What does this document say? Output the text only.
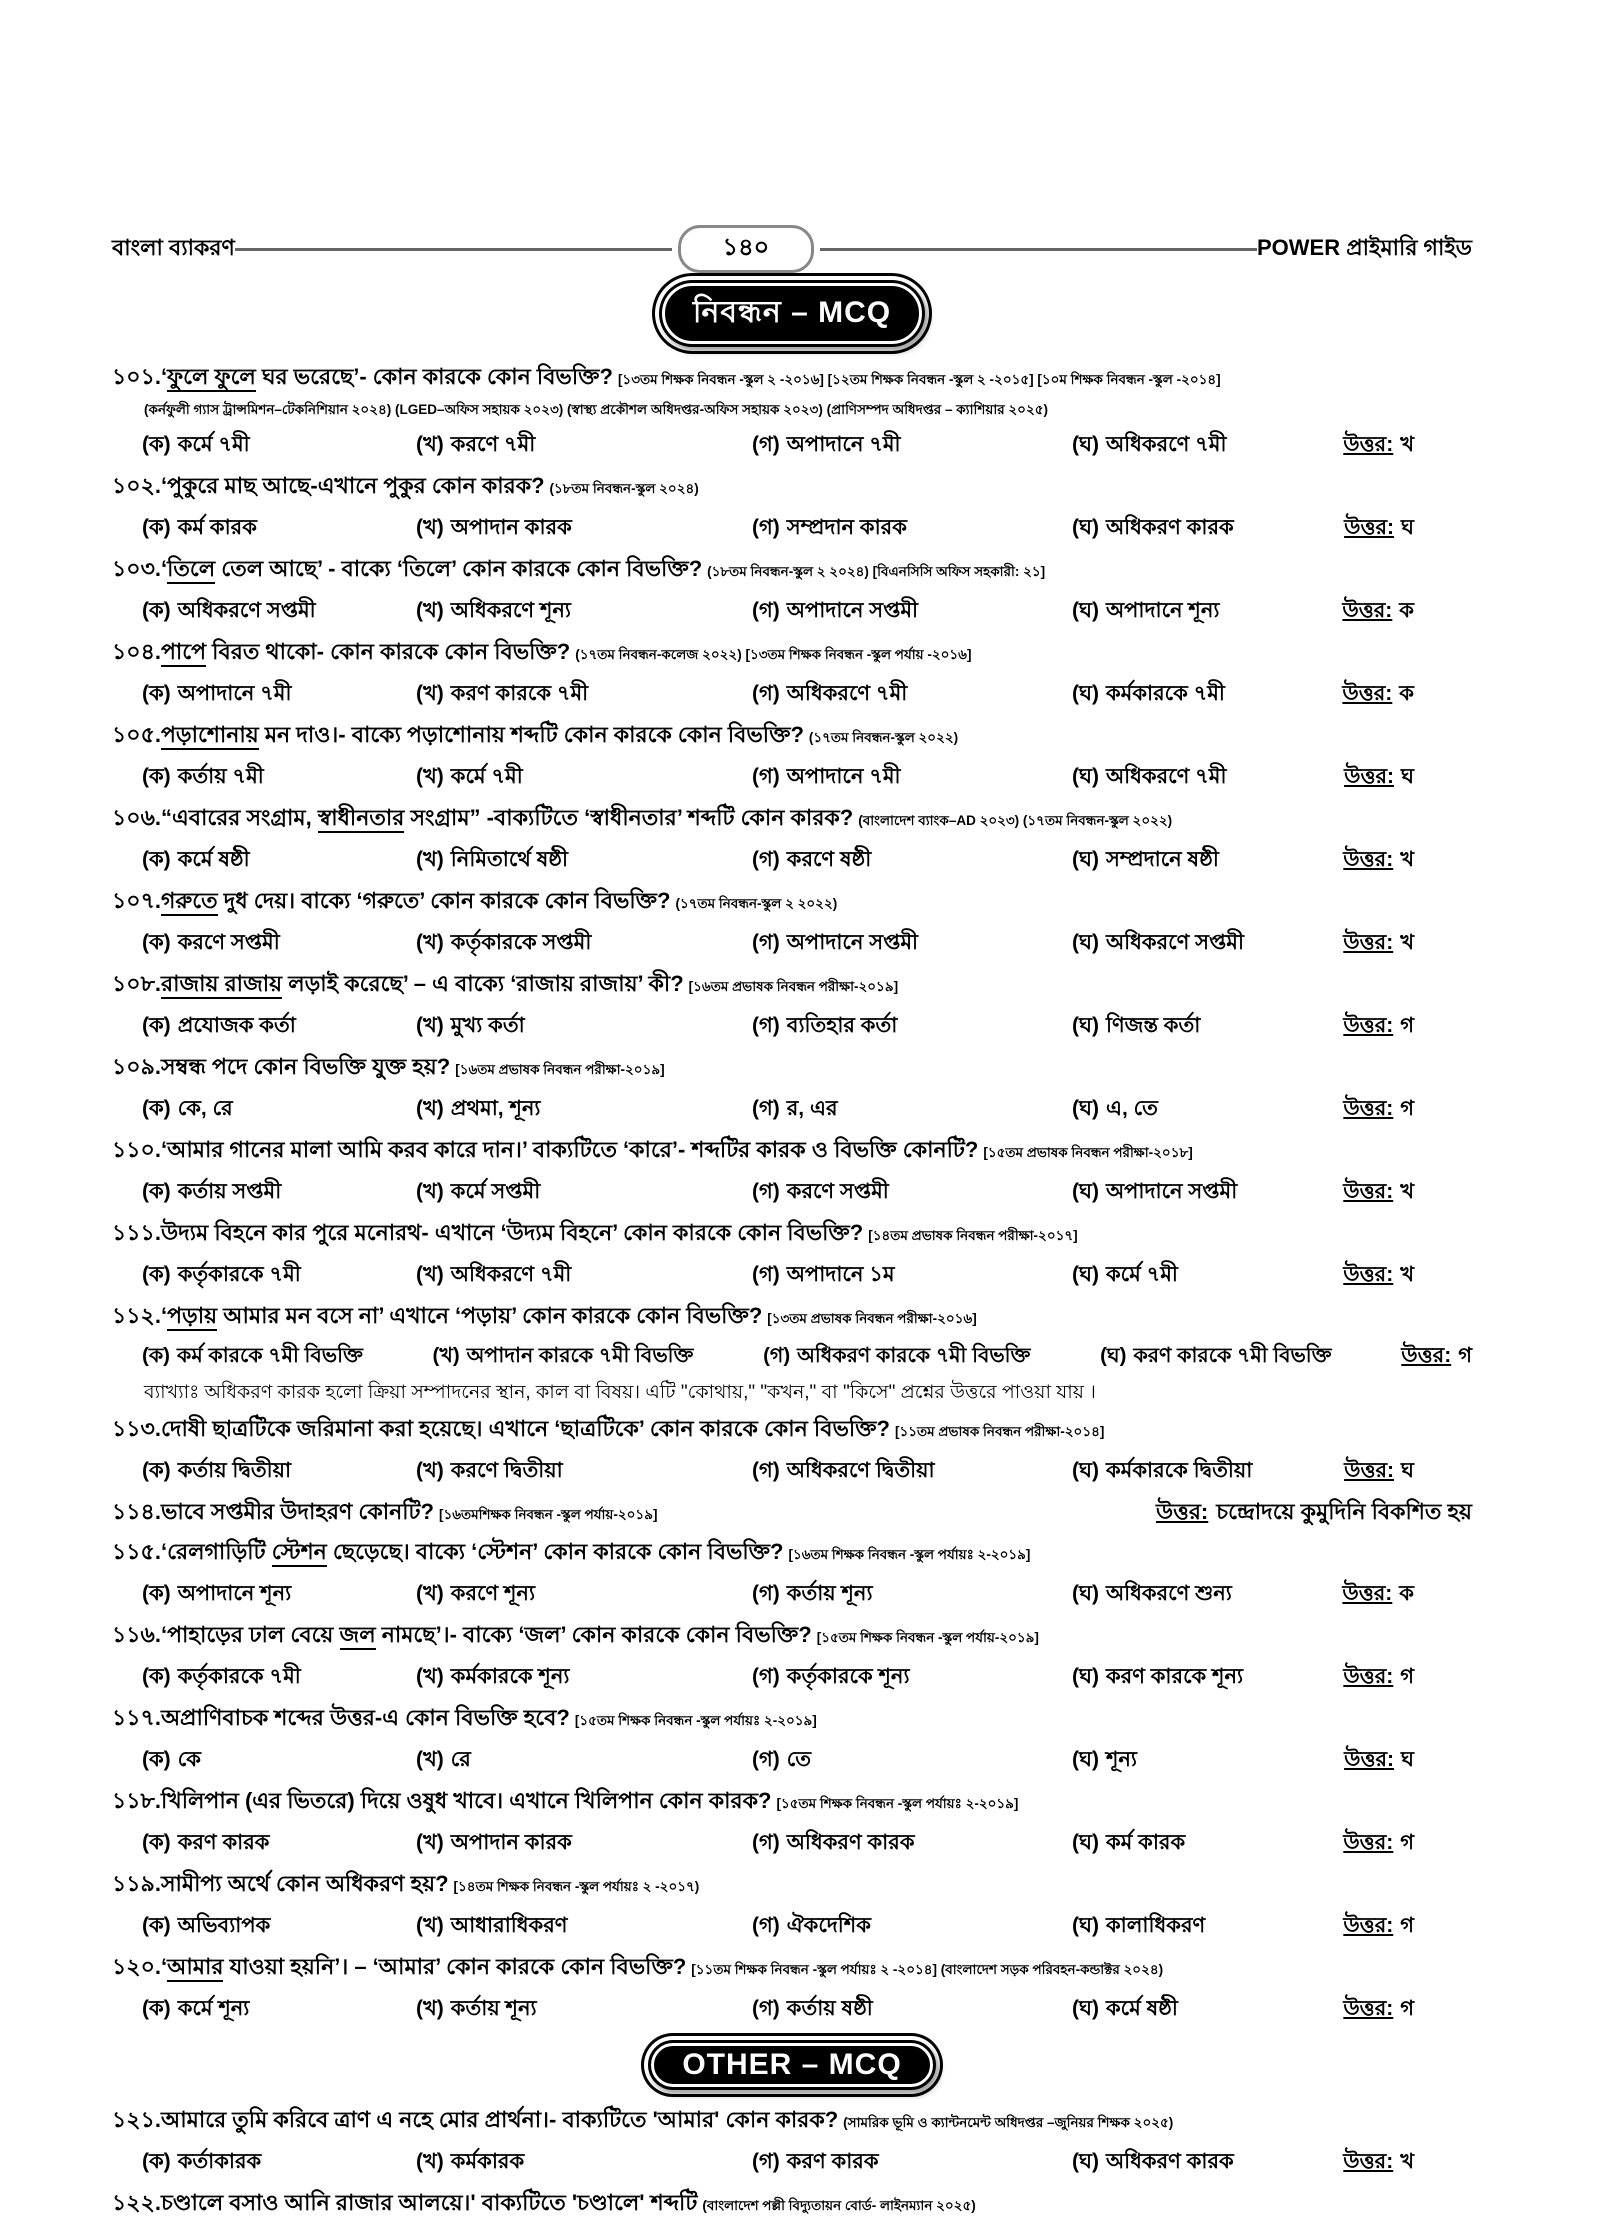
বাংলা ব্যাকরণ	১৪০	POWER প্রাইমারি গাইড
নিবন্ধন – MCQ
১০১. ‘ফুলে ফুলে ঘর ভরেছে’- কোন কারকে কোন বিভক্তি? [১৩তম শিক্ষক নিবন্ধন -স্কুল ২ -২০১৬] [১২তম শিক্ষক নিবন্ধন -স্কুল ২ -২০১৫] [১০ম শিক্ষক নিবন্ধন -স্কুল -২০১৪]
(কর্নফুলী গ্যাস ট্রান্সমিশন–টেকনিশিয়ান ২০২৪) (LGED–অফিস সহায়ক ২০২৩) (স্বাস্থ্য প্রকৌশল অধিদপ্তর-অফিস সহায়ক ২০২৩) (প্রাণিসম্পদ অধিদপ্তর – ক্যাশিয়ার ২০২৫)
(ক) কর্মে ৭মী	(খ) করণে ৭মী	(গ) অপাদানে ৭মী	(ঘ) অধিকরণে ৭মী	উত্তর: খ
১০২. ‘পুকুরে মাছ আছে-এখানে পুকুর কোন কারক? (১৮তম নিবন্ধন-স্কুল ২০২৪)
(ক) কর্ম কারক	(খ) অপাদান কারক	(গ) সম্প্রদান কারক	(ঘ) অধিকরণ কারক	উত্তর: ঘ
১০৩. ‘তিলে তেল আছে’ - বাক্যে ‘তিলে’ কোন কারকে কোন বিভক্তি? (১৮তম নিবন্ধন-স্কুল ২ ২০২৪) [বিএনসিসি অফিস সহকারী: ২১]
(ক) অধিকরণে সপ্তমী	(খ) অধিকরণে শূন্য	(গ) অপাদানে সপ্তমী	(ঘ) অপাদানে শূন্য	উত্তর: ক
১০৪. পাপে বিরত থাকো- কোন কারকে কোন বিভক্তি? (১৭তম নিবন্ধন-কলেজ ২০২২) [১৩তম শিক্ষক নিবন্ধন -স্কুল পর্যায় -২০১৬]
(ক) অপাদানে ৭মী	(খ) করণ কারকে ৭মী	(গ) অধিকরণে ৭মী	(ঘ) কর্মকারকে ৭মী	উত্তর: ক
১০৫. পড়াশোনায় মন দাও।- বাক্যে পড়াশোনায় শব্দটি কোন কারকে কোন বিভক্তি? (১৭তম নিবন্ধন-স্কুল ২০২২)
(ক) কর্তায় ৭মী	(খ) কর্মে ৭মী	(গ) অপাদানে ৭মী	(ঘ) অধিকরণে ৭মী	উত্তর: ঘ
১০৬. “এবারের সংগ্রাম, স্বাধীনতার সংগ্রাম” -বাক্যটিতে ‘স্বাধীনতার’ শব্দটি কোন কারক? (বাংলাদেশ ব্যাংক–AD ২০২৩) (১৭তম নিবন্ধন-স্কুল ২০২২)
(ক) কর্মে ষষ্ঠী	(খ) নিমিতার্থে ষষ্ঠী	(গ) করণে ষষ্ঠী	(ঘ) সম্প্রদানে ষষ্ঠী	উত্তর: খ
১০৭. গরুতে দুধ দেয়। বাক্যে ‘গরুতে’ কোন কারকে কোন বিভক্তি? (১৭তম নিবন্ধন-স্কুল ২ ২০২২)
(ক) করণে সপ্তমী	(খ) কর্তৃকারকে সপ্তমী	(গ) অপাদানে সপ্তমী	(ঘ) অধিকরণে সপ্তমী	উত্তর: খ
১০৮. রাজায় রাজায় লড়াই করেছে’ – এ বাক্যে ‘রাজায় রাজায়’ কী? [১৬তম প্রভাষক নিবন্ধন পরীক্ষা-২০১৯]
(ক) প্রযোজক কর্তা	(খ) মুখ্য কর্তা	(গ) ব্যতিহার কর্তা	(ঘ) ণিজন্ত কর্তা	উত্তর: গ
১০৯. সম্বন্ধ পদে কোন বিভক্তি যুক্ত হয়? [১৬তম প্রভাষক নিবন্ধন পরীক্ষা-২০১৯]
(ক) কে, রে	(খ) প্রথমা, শূন্য	(গ) র, এর	(ঘ) এ, তে	উত্তর: গ
১১০. ‘আমার গানের মালা আমি করব কারে দান।’ বাক্যটিতে ‘কারে’- শব্দটির কারক ও বিভক্তি কোনটি? [১৫তম প্রভাষক নিবন্ধন পরীক্ষা-২০১৮]
(ক) কর্তায় সপ্তমী	(খ) কর্মে সপ্তমী	(গ) করণে সপ্তমী	(ঘ) অপাদানে সপ্তমী	উত্তর: খ
১১১. উদ্যম বিহনে কার পুরে মনোরথ- এখানে ‘উদ্যম বিহনে’ কোন কারকে কোন বিভক্তি? [১৪তম প্রভাষক নিবন্ধন পরীক্ষা-২০১৭]
(ক) কর্তৃকারকে ৭মী	(খ) অধিকরণে ৭মী	(গ) অপাদানে ১ম	(ঘ) কর্মে ৭মী	উত্তর: খ
১১২. ‘পড়ায় আমার মন বসে না’ এখানে ‘পড়ায়’ কোন কারকে কোন বিভক্তি? [১৩তম প্রভাষক নিবন্ধন পরীক্ষা-২০১৬]
(ক) কর্ম কারকে ৭মী বিভক্তি	(খ) অপাদান কারকে ৭মী বিভক্তি	(গ) অধিকরণ কারকে ৭মী বিভক্তি	(ঘ) করণ কারকে ৭মী বিভক্তি	উত্তর: গ
ব্যাখ্যাঃ অধিকরণ কারক হলো ক্রিয়া সম্পাদনের স্থান, কাল বা বিষয়। এটি "কোথায়," "কখন," বা "কিসে" প্রশ্নের উত্তরে পাওয়া যায় ।
১১৩. দোষী ছাত্রটিকে জরিমানা করা হয়েছে। এখানে ‘ছাত্রটিকে’ কোন কারকে কোন বিভক্তি? [১১তম প্রভাষক নিবন্ধন পরীক্ষা-২০১৪]
(ক) কর্তায় দ্বিতীয়া	(খ) করণে দ্বিতীয়া	(গ) অধিকরণে দ্বিতীয়া	(ঘ) কর্মকারকে দ্বিতীয়া	উত্তর: ঘ
১১৪. ভাবে সপ্তমীর উদাহরণ কোনটি? [১৬তমশিক্ষক নিবন্ধন -স্কুল পর্যায়-২০১৯]	উত্তর: চন্দ্রোদয়ে কুমুদিনি বিকশিত হয়
১১৫. ‘রেলগাড়িটি স্টেশন ছেড়েছে। বাক্যে ‘স্টেশন’ কোন কারকে কোন বিভক্তি? [১৬তম শিক্ষক নিবন্ধন -স্কুল পর্যায়ঃ ২-২০১৯]
(ক) অপাদানে শূন্য	(খ) করণে শূন্য	(গ) কর্তায় শূন্য	(ঘ) অধিকরণে শুন্য	উত্তর: ক
১১৬. ‘পাহাড়ের ঢাল বেয়ে জল নামছে’।- বাক্যে ‘জল’ কোন কারকে কোন বিভক্তি? [১৫তম শিক্ষক নিবন্ধন -স্কুল পর্যায়-২০১৯]
(ক) কর্তৃকারকে ৭মী	(খ) কর্মকারকে শূন্য	(গ) কর্তৃকারকে শূন্য	(ঘ) করণ কারকে শূন্য	উত্তর: গ
১১৭. অপ্রাণিবাচক শব্দের উত্তর-এ কোন বিভক্তি হবে? [১৫তম শিক্ষক নিবন্ধন -স্কুল পর্যায়ঃ ২-২০১৯]
(ক) কে	(খ) রে	(গ) তে	(ঘ) শূন্য	উত্তর: ঘ
১১৮. খিলিপান (এর ভিতরে) দিয়ে ওষুধ খাবে। এখানে খিলিপান কোন কারক? [১৫তম শিক্ষক নিবন্ধন -স্কুল পর্যায়ঃ ২-২০১৯]
(ক) করণ কারক	(খ) অপাদান কারক	(গ) অধিকরণ কারক	(ঘ) কর্ম কারক	উত্তর: গ
১১৯. সামীপ্য অর্থে কোন অধিকরণ হয়? [১৪তম শিক্ষক নিবন্ধন -স্কুল পর্যায়ঃ ২ -২০১৭)
(ক) অভিব্যাপক	(খ) আধারাধিকরণ	(গ) ঐকদেশিক	(ঘ) কালাধিকরণ	উত্তর: গ
১২০. ‘আমার যাওয়া হয়নি’। – ‘আমার’ কোন কারকে কোন বিভক্তি? [১১তম শিক্ষক নিবন্ধন -স্কুল পর্যায়ঃ ২ -২০১৪] (বাংলাদেশ সড়ক পরিবহন-কন্ডাক্টর ২০২৪)
(ক) কর্মে শূন্য	(খ) কর্তায় শূন্য	(গ) কর্তায় ষষ্ঠী	(ঘ) কর্মে ষষ্ঠী	উত্তর: গ
OTHER – MCQ
১২১. আমারে তুমি করিবে ত্রাণ এ নহে মোর প্রার্থনা।- বাক্যটিতে 'আমার' কোন কারক? (সামরিক ভূমি ও ক্যান্টনমেন্ট অধিদপ্তর –জুনিয়র শিক্ষক ২০২৫)
(ক) কর্তাকারক	(খ) কর্মকারক	(গ) করণ কারক	(ঘ) অধিকরণ কারক	উত্তর: খ
১২২. চণ্ডালে বসাও আনি রাজার আলয়ে।' বাক্যটিতে 'চণ্ডালে' শব্দটি (বাংলাদেশ পল্লী বিদ্যুতায়ন বোর্ড- লাইনম্যান ২০২৫)
